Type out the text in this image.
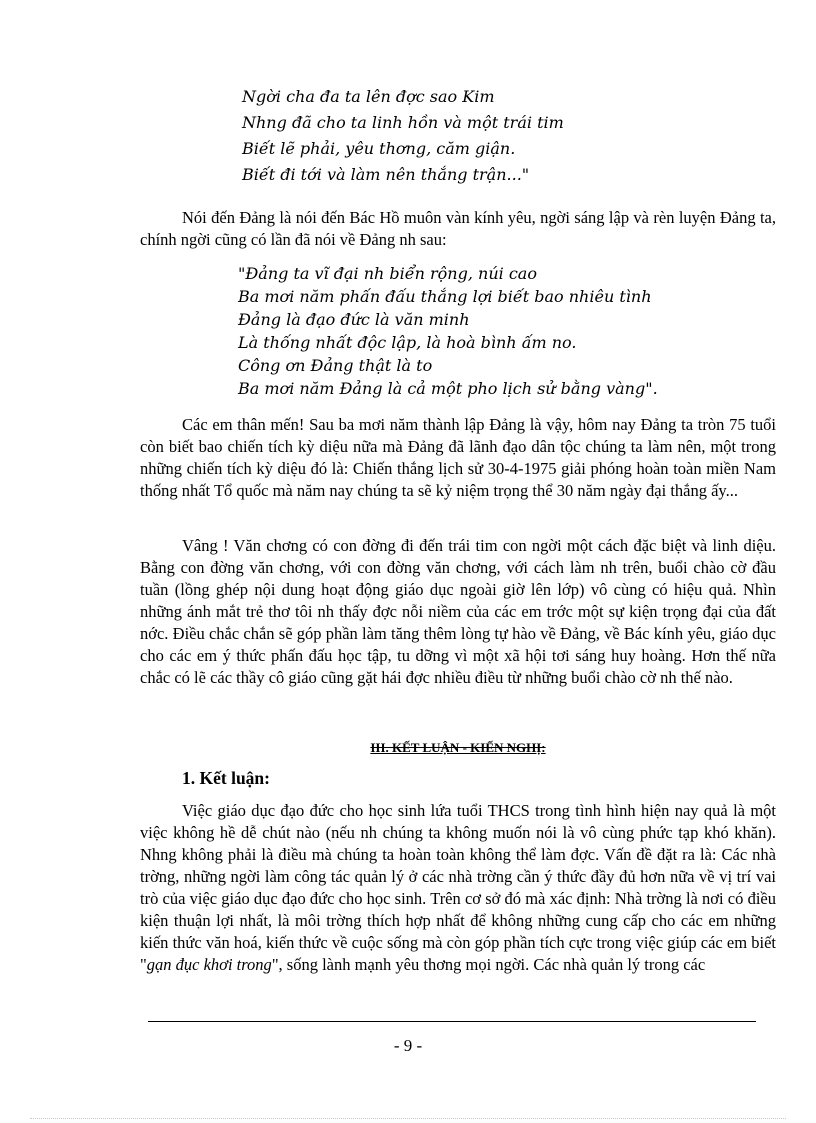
Ngời cha đa ta lên đợc sao Kim
Nhng đã cho ta linh hồn và một trái tim
Biết lẽ phải, yêu thơng, căm giận.
Biết đi tới và làm nên thắng trận..."

Nói đến Đảng là nói đến Bác Hồ muôn vàn kính yêu, ngời sáng lập và rèn luyện Đảng ta, chính ngời cũng có lần đã nói về Đảng nh sau:

"Đảng ta vĩ đại nh biển rộng, núi cao
Ba mơi năm phấn đấu thắng lợi biết bao nhiêu tình
Đảng là đạo đức là văn minh
Là thống nhất độc lập, là hoà bình ấm no.
Công ơn Đảng thật là to
Ba mơi năm Đảng là cả một pho lịch sử bằng vàng".

Các em thân mến! Sau ba mơi năm thành lập Đảng là vậy, hôm nay Đảng ta tròn 75 tuổi còn biết bao chiến tích kỳ diệu nữa mà Đảng đã lãnh đạo dân tộc chúng ta làm nên, một trong những chiến tích kỳ diệu đó là: Chiến thắng lịch sử 30-4-1975 giải phóng hoàn toàn miền Nam thống nhất Tổ quốc mà năm nay chúng ta sẽ kỷ niệm trọng thể 30 năm ngày đại thắng ấy...

Vâng ! Văn chơng có con đờng đi đến trái tim con ngời một cách đặc biệt và linh diệu. Bằng con đờng văn chơng, với con đờng văn chơng, với cách làm nh trên, buổi chào cờ đầu tuần (lồng ghép nội dung hoạt động giáo dục ngoài giờ lên lớp) vô cùng có hiệu quả. Nhìn những ánh mắt trẻ thơ tôi nh thấy đợc nỗi niềm của các em trớc một sự kiện trọng đại của đất nớc. Điều chắc chắn sẽ góp phần làm tăng thêm lòng tự hào về Đảng, về Bác kính yêu, giáo dục cho các em ý thức phấn đấu học tập, tu dỡng vì một xã hội tơi sáng huy hoàng. Hơn thế nữa chắc có lẽ các thầy cô giáo cũng gặt hái đợc nhiều điều từ những buổi chào cờ nh thế nào.

III. KẾT LUẬN - KIẾN NGHỊ:
1. Kết luận:

Việc giáo dục đạo đức cho học sinh lứa tuổi THCS trong tình hình hiện nay quả là một việc không hề dễ chút nào (nếu nh chúng ta không muốn nói là vô cùng phức tạp khó khăn). Nhng không phải là điều mà chúng ta hoàn toàn không thể làm đợc. Vấn đề đặt ra là: Các nhà trờng, những ngời làm công tác quản lý ở các nhà trờng cần ý thức đầy đủ hơn nữa về vị trí vai trò của việc giáo dục đạo đức cho học sinh. Trên cơ sở đó mà xác định: Nhà trờng là nơi có điều kiện thuận lợi nhất, là môi trờng thích hợp nhất để không những cung cấp cho các em những kiến thức văn hoá, kiến thức về cuộc sống mà còn góp phần tích cực trong việc giúp các em biết "gạn đục khơi trong", sống lành mạnh yêu thơng mọi ngời. Các nhà quản lý trong các

- 9 -
